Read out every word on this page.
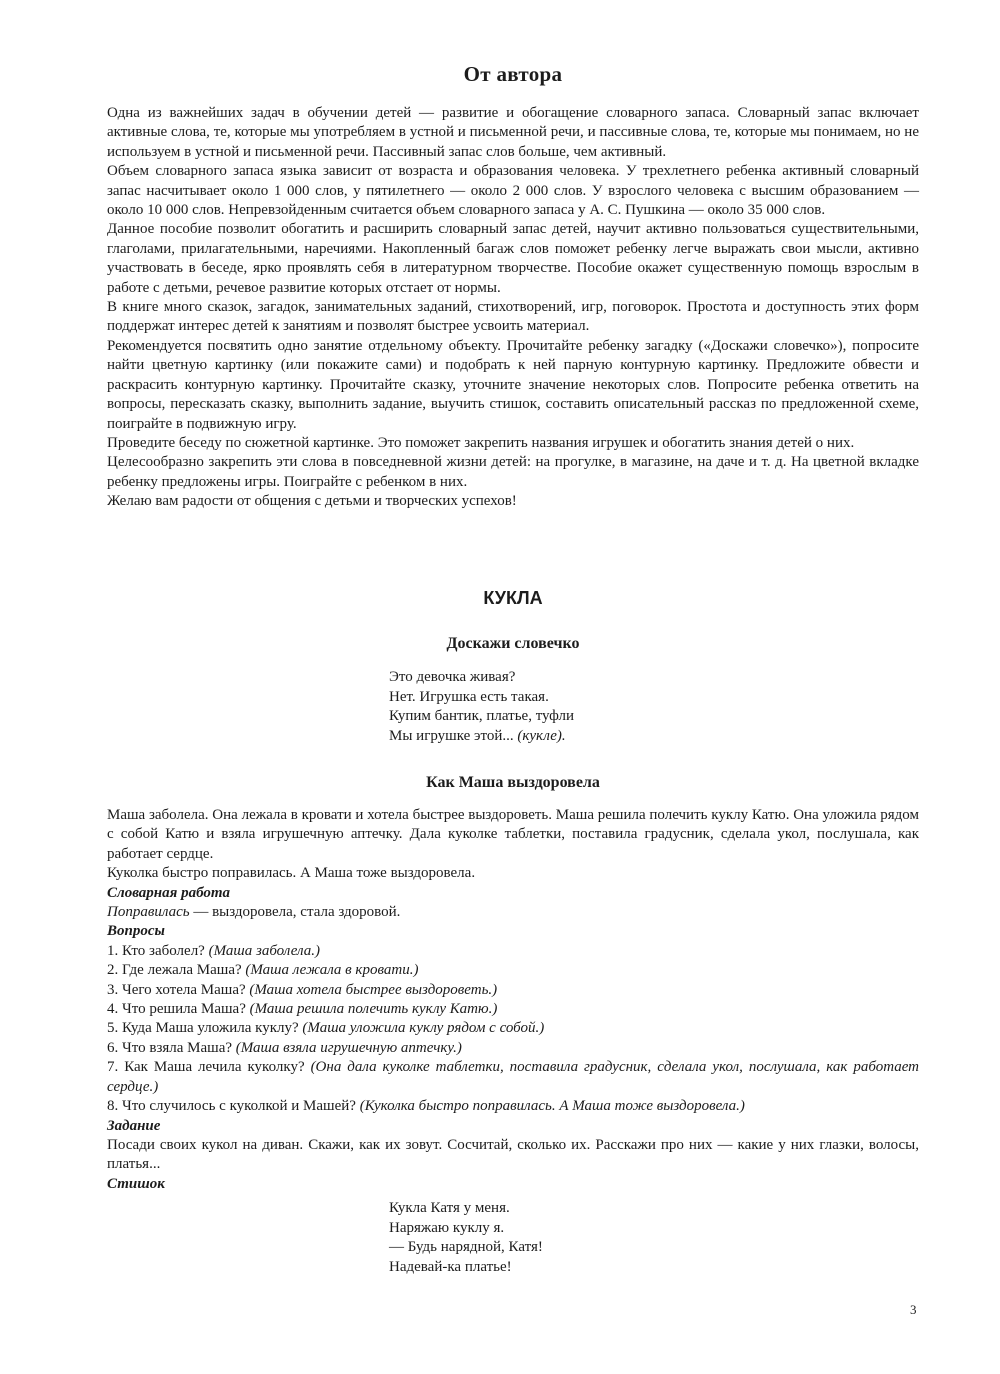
От автора

Одна из важнейших задач в обучении детей — развитие и обогащение словарного запаса. Словарный запас включает активные слова, те, которые мы употребляем в устной и письменной речи, и пассивные слова, те, которые мы понимаем, но не используем в устной и письменной речи. Пассивный запас слов больше, чем активный.

Объем словарного запаса языка зависит от возраста и образования человека. У трехлетнего ребенка активный словарный запас насчитывает около 1 000 слов, у пятилетнего — около 2 000 слов. У взрослого человека с высшим образованием — около 10 000 слов. Непревзойденным считается объем словарного запаса у А. С. Пушкина — около 35 000 слов.

Данное пособие позволит обогатить и расширить словарный запас детей, научит активно пользоваться существительными, глаголами, прилагательными, наречиями. Накопленный багаж слов поможет ребенку легче выражать свои мысли, активно участвовать в беседе, ярко проявлять себя в литературном творчестве. Пособие окажет существенную помощь взрослым в работе с детьми, речевое развитие которых отстает от нормы.

В книге много сказок, загадок, занимательных заданий, стихотворений, игр, поговорок. Простота и доступность этих форм поддержат интерес детей к занятиям и позволят быстрее усвоить материал.

Рекомендуется посвятить одно занятие отдельному объекту. Прочитайте ребенку загадку («Доскажи словечко»), попросите найти цветную картинку (или покажите сами) и подобрать к ней парную контурную картинку. Предложите обвести и раскрасить контурную картинку. Прочитайте сказку, уточните значение некоторых слов. Попросите ребенка ответить на вопросы, пересказать сказку, выполнить задание, выучить стишок, составить описательный рассказ по предложенной схеме, поиграйте в подвижную игру.

Проведите беседу по сюжетной картинке. Это поможет закрепить названия игрушек и обогатить знания детей о них.

Целесообразно закрепить эти слова в повседневной жизни детей: на прогулке, в магазине, на даче и т. д. На цветной вкладке ребенку предложены игры. Поиграйте с ребенком в них.

Желаю вам радости от общения с детьми и творческих успехов!

КУКЛА
Доскажи словечко
Это девочка живая?
Нет. Игрушка есть такая.
Купим бантик, платье, туфли
Мы игрушке этой... (кукле).
Как Маша выздоровела

Маша заболела. Она лежала в кровати и хотела быстрее выздороветь. Маша решила полечить куклу Катю. Она уложила рядом с собой Катю и взяла игрушечную аптечку. Дала куколке таблетки, поставила градусник, сделала укол, послушала, как работает сердце.

Куколка быстро поправилась. А Маша тоже выздоровела.

Словарная работа

Поправилась — выздоровела, стала здоровой.

Вопросы

1. Кто заболел? (Маша заболела.)

2. Где лежала Маша? (Маша лежала в кровати.)

3. Чего хотела Маша? (Маша хотела быстрее выздороветь.)

4. Что решила Маша? (Маша решила полечить куклу Катю.)

5. Куда Маша уложила куклу? (Маша уложила куклу рядом с собой.)

6. Что взяла Маша? (Маша взяла игрушечную аптечку.)

7. Как Маша лечила куколку? (Она дала куколке таблетки, поставила градусник, сделала укол, послушала, как работает сердце.)

8. Что случилось с куколкой и Машей? (Куколка быстро поправилась. А Маша тоже выздоровела.)

Задание

Посади своих кукол на диван. Скажи, как их зовут. Сосчитай, сколько их. Расскажи про них — какие у них глазки, волосы, платья...

Стишок

Кукла Катя у меня.
Наряжаю куклу я.
— Будь нарядной, Катя!
Надевай-ка платье!
3
